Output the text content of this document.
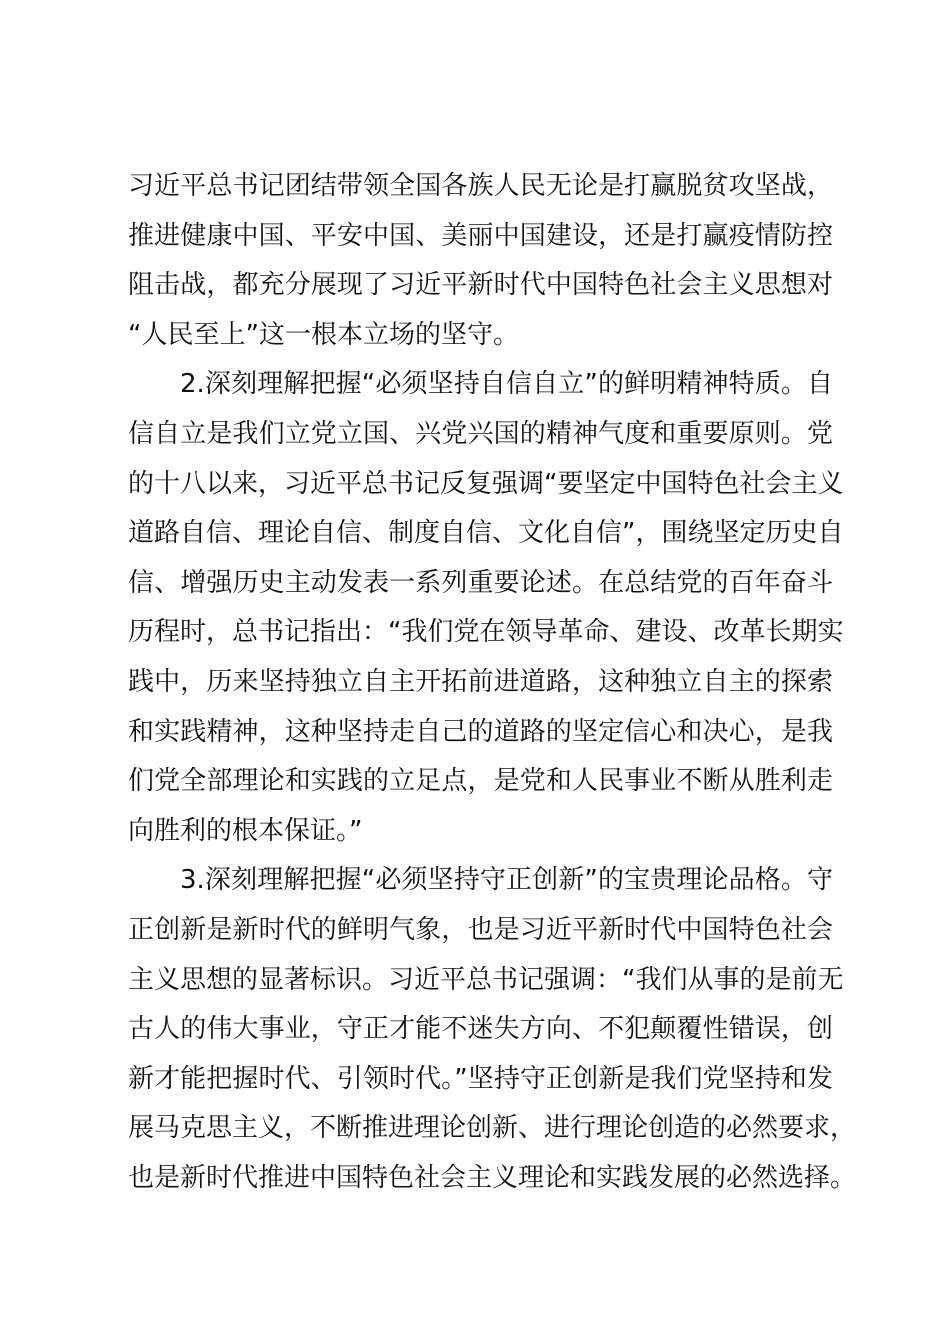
习近平总书记团结带领全国各族人民无论是打赢脱贫攻坚战，
推进健康中国、平安中国、美丽中国建设，还是打赢疫情防控
阻击战，都充分展现了习近平新时代中国特色社会主义思想对
“人民至上”这一根本立场的坚守。
2.深刻理解把握“必须坚持自信自立”的鲜明精神特质。自
信自立是我们立党立国、兴党兴国的精神气度和重要原则。党
的十八以来，习近平总书记反复强调“要坚定中国特色社会主义
道路自信、理论自信、制度自信、文化自信”，围绕坚定历史自
信、增强历史主动发表一系列重要论述。在总结党的百年奋斗
历程时，总书记指出：“我们党在领导革命、建设、改革长期实
践中，历来坚持独立自主开拓前进道路，这种独立自主的探索
和实践精神，这种坚持走自己的道路的坚定信心和决心，是我
们党全部理论和实践的立足点，是党和人民事业不断从胜利走
向胜利的根本保证。”
3.深刻理解把握“必须坚持守正创新”的宝贵理论品格。守
正创新是新时代的鲜明气象，也是习近平新时代中国特色社会
主义思想的显著标识。习近平总书记强调：“我们从事的是前无
古人的伟大事业，守正才能不迷失方向、不犯颠覆性错误，创
新才能把握时代、引领时代。”坚持守正创新是我们党坚持和发
展马克思主义，不断推进理论创新、进行理论创造的必然要求，
也是新时代推进中国特色社会主义理论和实践发展的必然选择。
